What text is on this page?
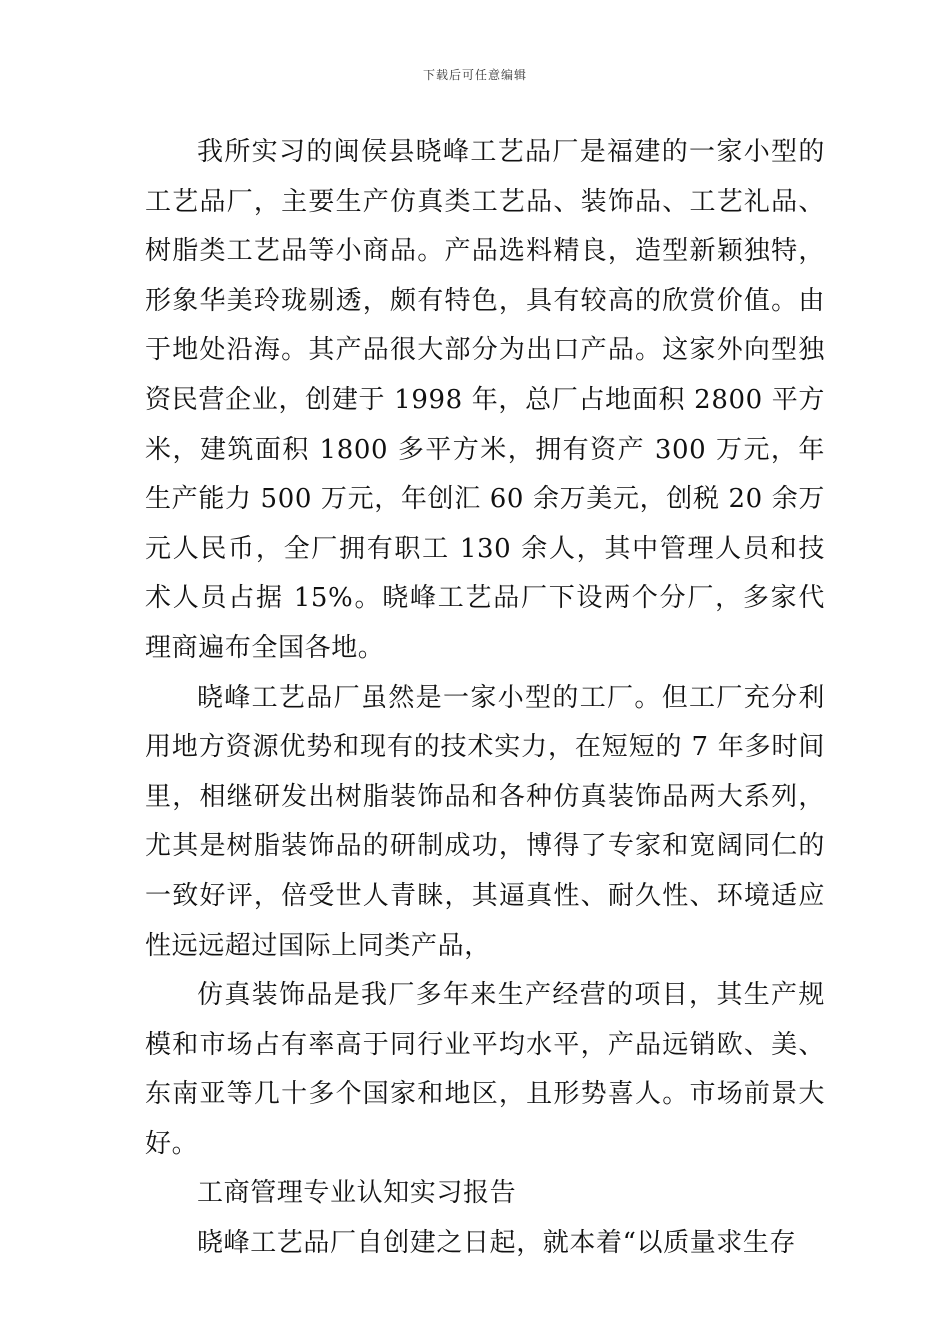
下载后可任意编辑

我所实习的闽侯县晓峰工艺品厂是福建的一家小型的工艺品厂，主要生产仿真类工艺品、装饰品、工艺礼品、树脂类工艺品等小商品。产品选料精良，造型新颖独特，形象华美玲珑剔透，颇有特色，具有较高的欣赏价值。由于地处沿海。其产品很大部分为出口产品。这家外向型独资民营企业，创建于 1998 年，总厂占地面积 2800 平方米，建筑面积 1800 多平方米，拥有资产 300 万元，年生产能力 500 万元，年创汇 60 余万美元，创税 20 余万元人民币，全厂拥有职工 130 余人，其中管理人员和技术人员占据 15%。晓峰工艺品厂下设两个分厂，多家代理商遍布全国各地。

晓峰工艺品厂虽然是一家小型的工厂。但工厂充分利用地方资源优势和现有的技术实力，在短短的 7 年多时间里，相继研发出树脂装饰品和各种仿真装饰品两大系列，尤其是树脂装饰品的研制成功，博得了专家和宽阔同仁的一致好评，倍受世人青睐，其逼真性、耐久性、环境适应性远远超过国际上同类产品，

仿真装饰品是我厂多年来生产经营的项目，其生产规模和市场占有率高于同行业平均水平，产品远销欧、美、东南亚等几十多个国家和地区，且形势喜人。市场前景大好。

工商管理专业认知实习报告

晓峰工艺品厂自创建之日起，就本着“以质量求生存
